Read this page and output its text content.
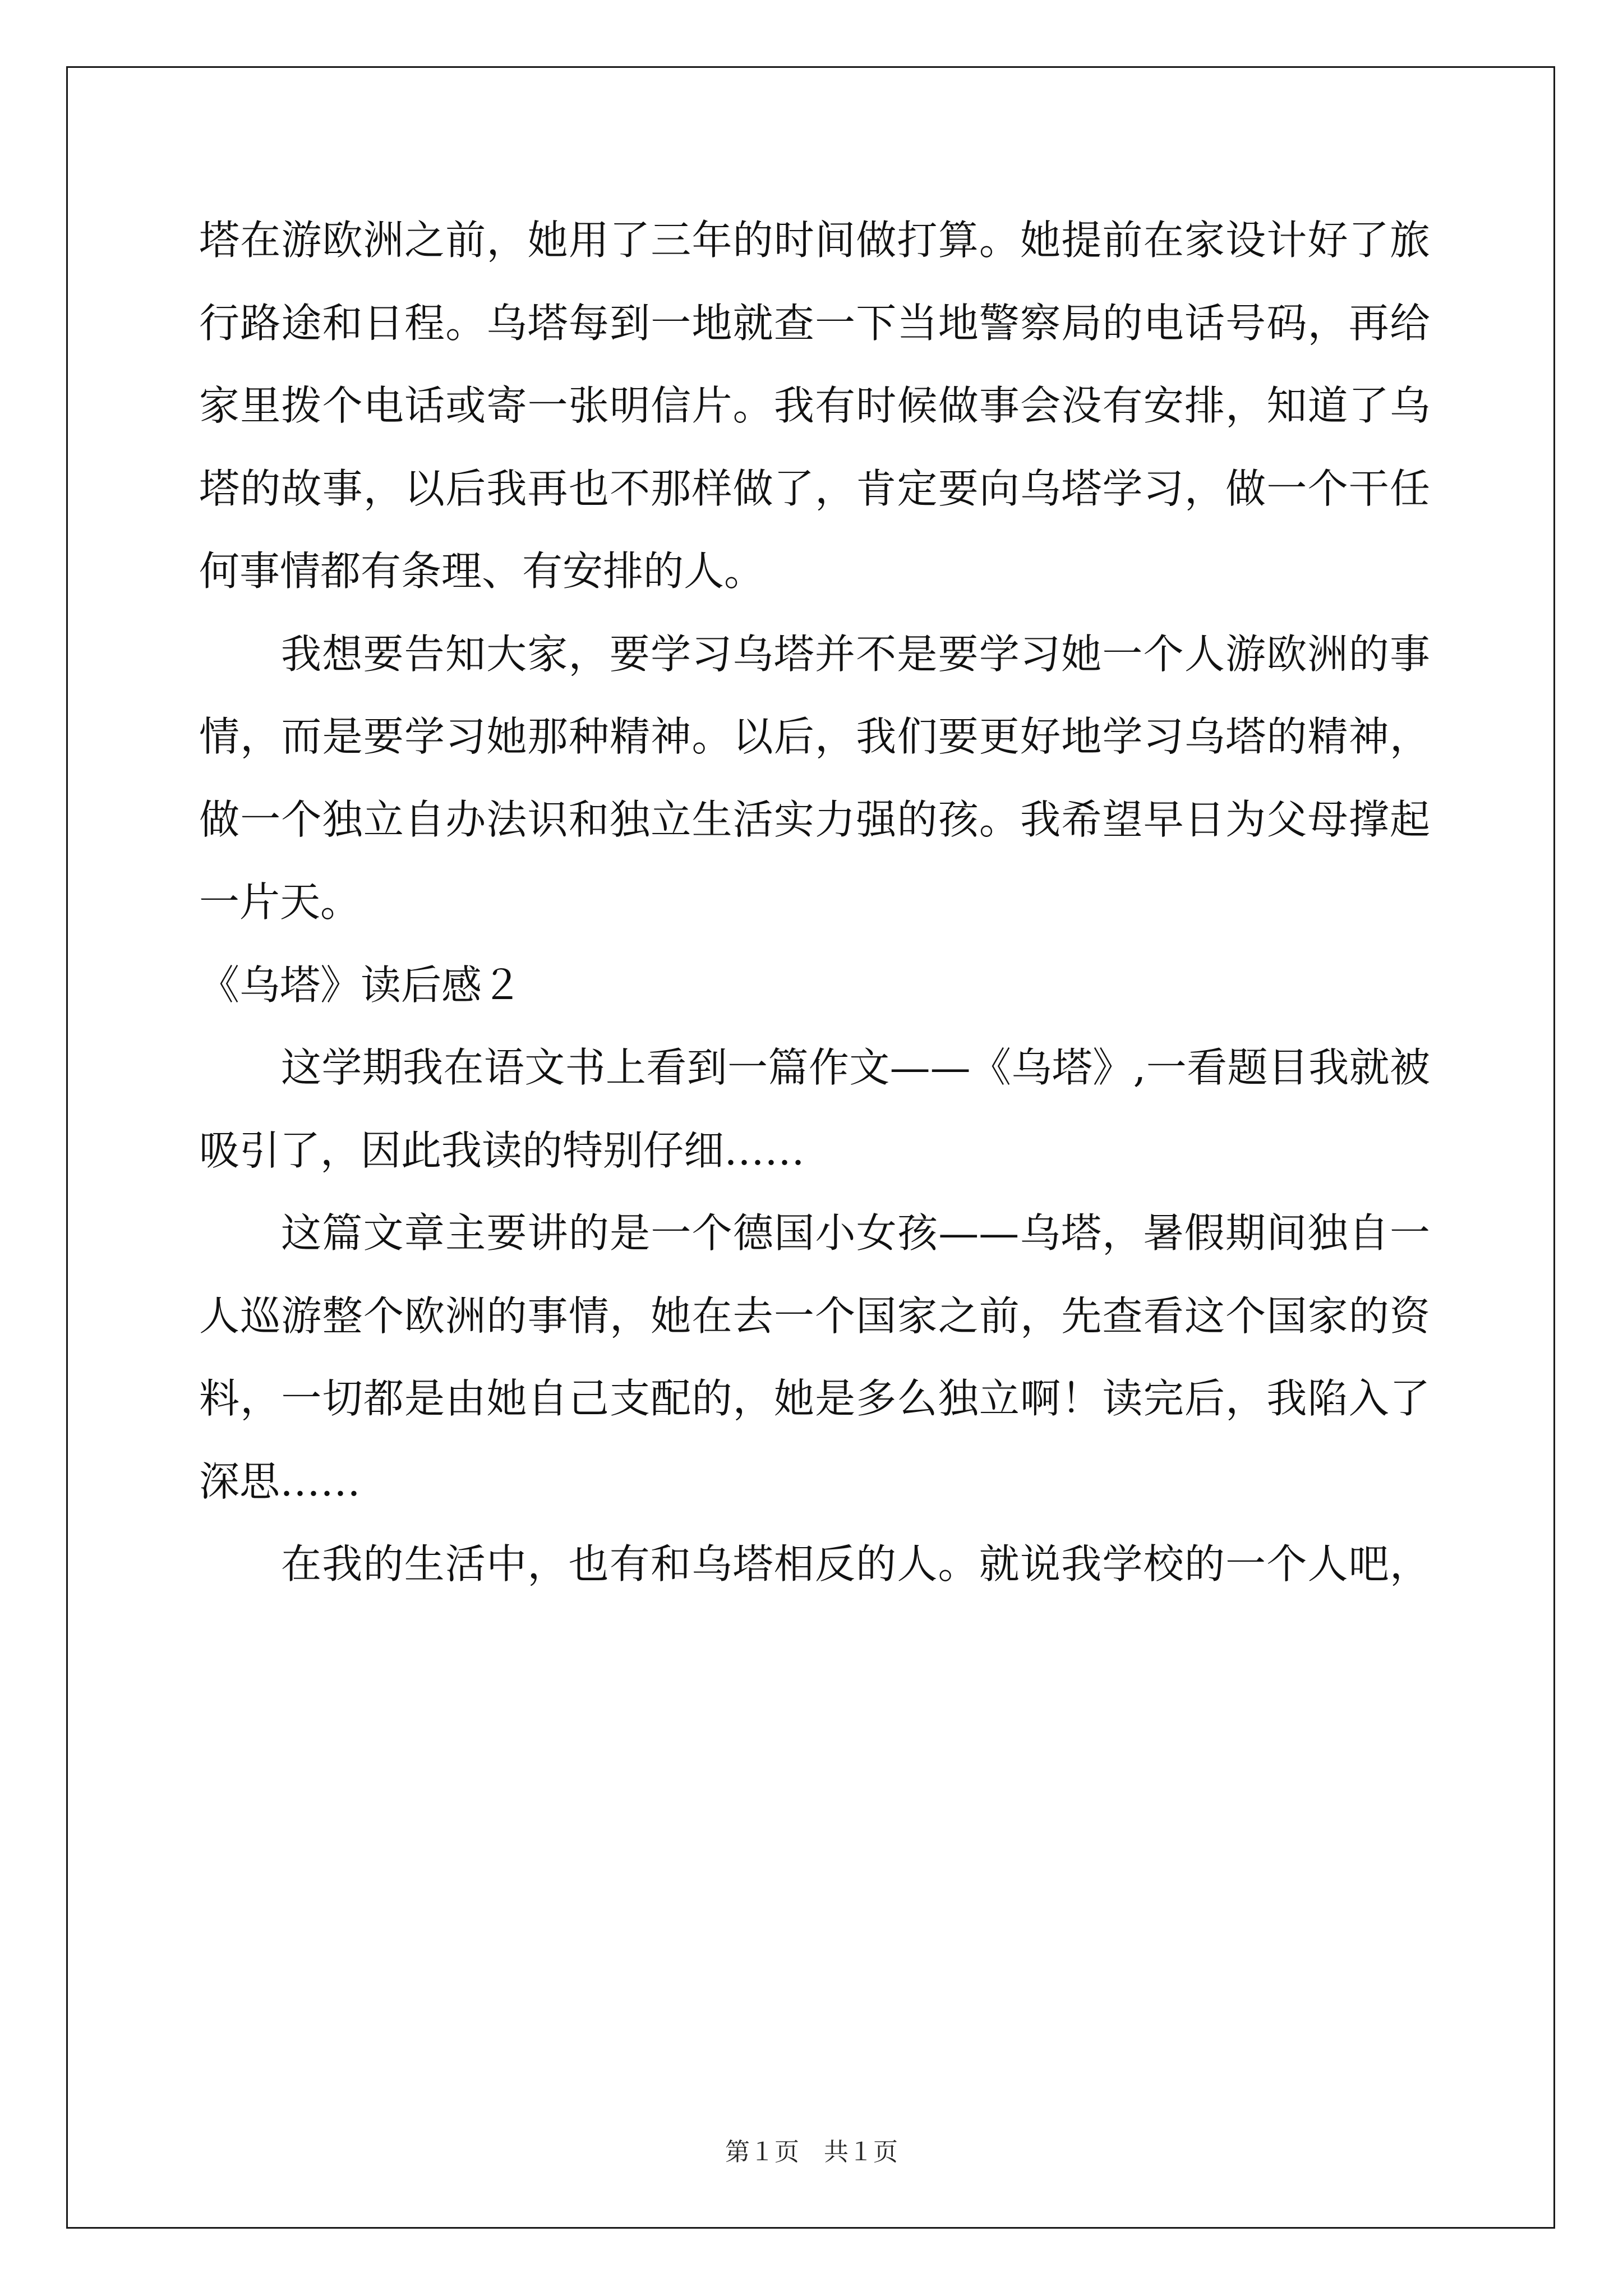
塔在游欧洲之前，她用了三年的时间做打算。她提前在家设计好了旅
行路途和日程。乌塔每到一地就查一下当地警察局的电话号码，再给
家里拨个电话或寄一张明信片。我有时候做事会没有安排，知道了乌
塔的故事，以后我再也不那样做了，肯定要向乌塔学习，做一个干任
何事情都有条理、有安排的人。
我想要告知大家，要学习乌塔并不是要学习她一个人游欧洲的事
情，而是要学习她那种精神。以后，我们要更好地学习乌塔的精神，
做一个独立自办法识和独立生活实力强的孩。我希望早日为父母撑起
一片天。
《乌塔》读后感２
这学期我在语文书上看到一篇作文——《乌塔》,一看题目我就被
吸引了，因此我读的特别仔细……
这篇文章主要讲的是一个德国小女孩——乌塔，暑假期间独自一
人巡游整个欧洲的事情，她在去一个国家之前，先查看这个国家的资
料，一切都是由她自己支配的，她是多么独立啊！读完后，我陷入了
深思……
在我的生活中，也有和乌塔相反的人。就说我学校的一个人吧，
第１页　共１页
